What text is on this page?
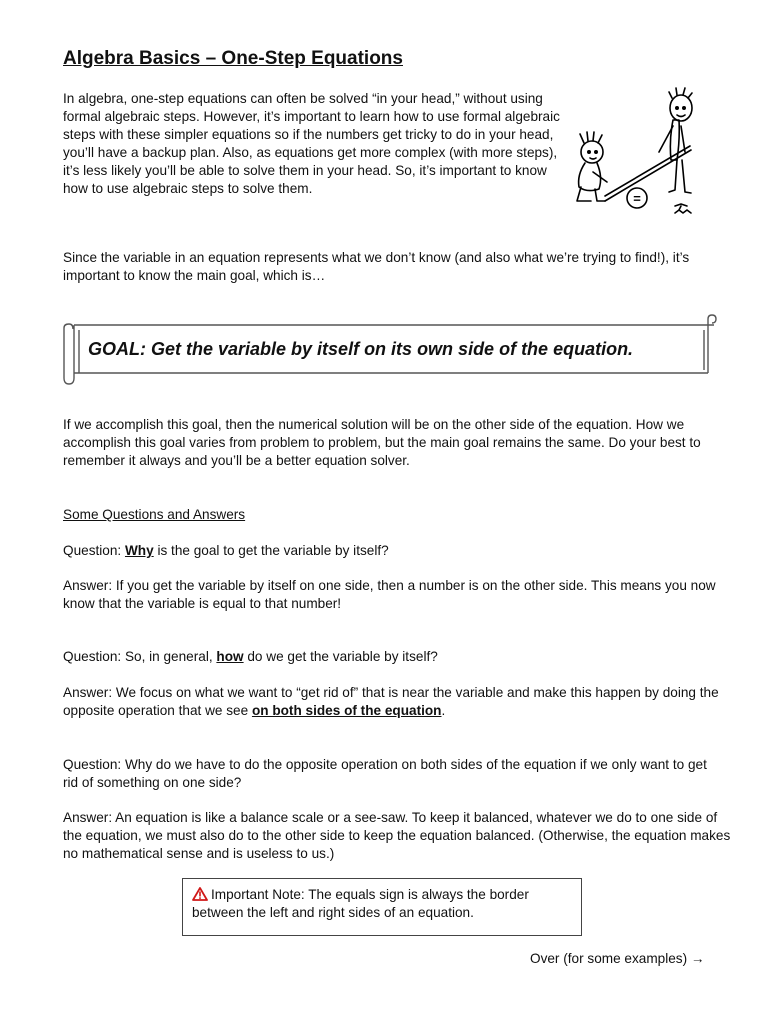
Algebra Basics – One-Step Equations

In algebra, one-step equations can often be solved “in your head,” without using formal algebraic steps. However, it’s important to learn how to use formal algebraic steps with these simpler equations so if the numbers get tricky to do in your head, you’ll have a backup plan. Also, as equations get more complex (with more steps), it’s less likely you’ll be able to solve them in your head. So, it’s important to know how to use algebraic steps to solve them.

=

Since the variable in an equation represents what we don’t know (and also what we’re trying to find!), it’s important to know the main goal, which is…

GOAL: Get the variable by itself on its own side of the equation.

If we accomplish this goal, then the numerical solution will be on the other side of the equation. How we accomplish this goal varies from problem to problem, but the main goal remains the same. Do your best to remember it always and you’ll be a better equation solver.

Some Questions and Answers

Question: Why is the goal to get the variable by itself?

Answer: If you get the variable by itself on one side, then a number is on the other side. This means you now know that the variable is equal to that number!

Question: So, in general, how do we get the variable by itself?

Answer: We focus on what we want to “get rid of” that is near the variable and make this happen by doing the opposite operation that we see on both sides of the equation.

Question: Why do we have to do the opposite operation on both sides of the equation if we only want to get rid of something on one side?

Answer: An equation is like a balance scale or a see-saw. To keep it balanced, whatever we do to one side of the equation, we must also do to the other side to keep the equation balanced. (Otherwise, the equation makes no mathematical sense and is useless to us.)

Important Note: The equals sign is always the border between the left and right sides of an equation.

Over (for some examples) →
